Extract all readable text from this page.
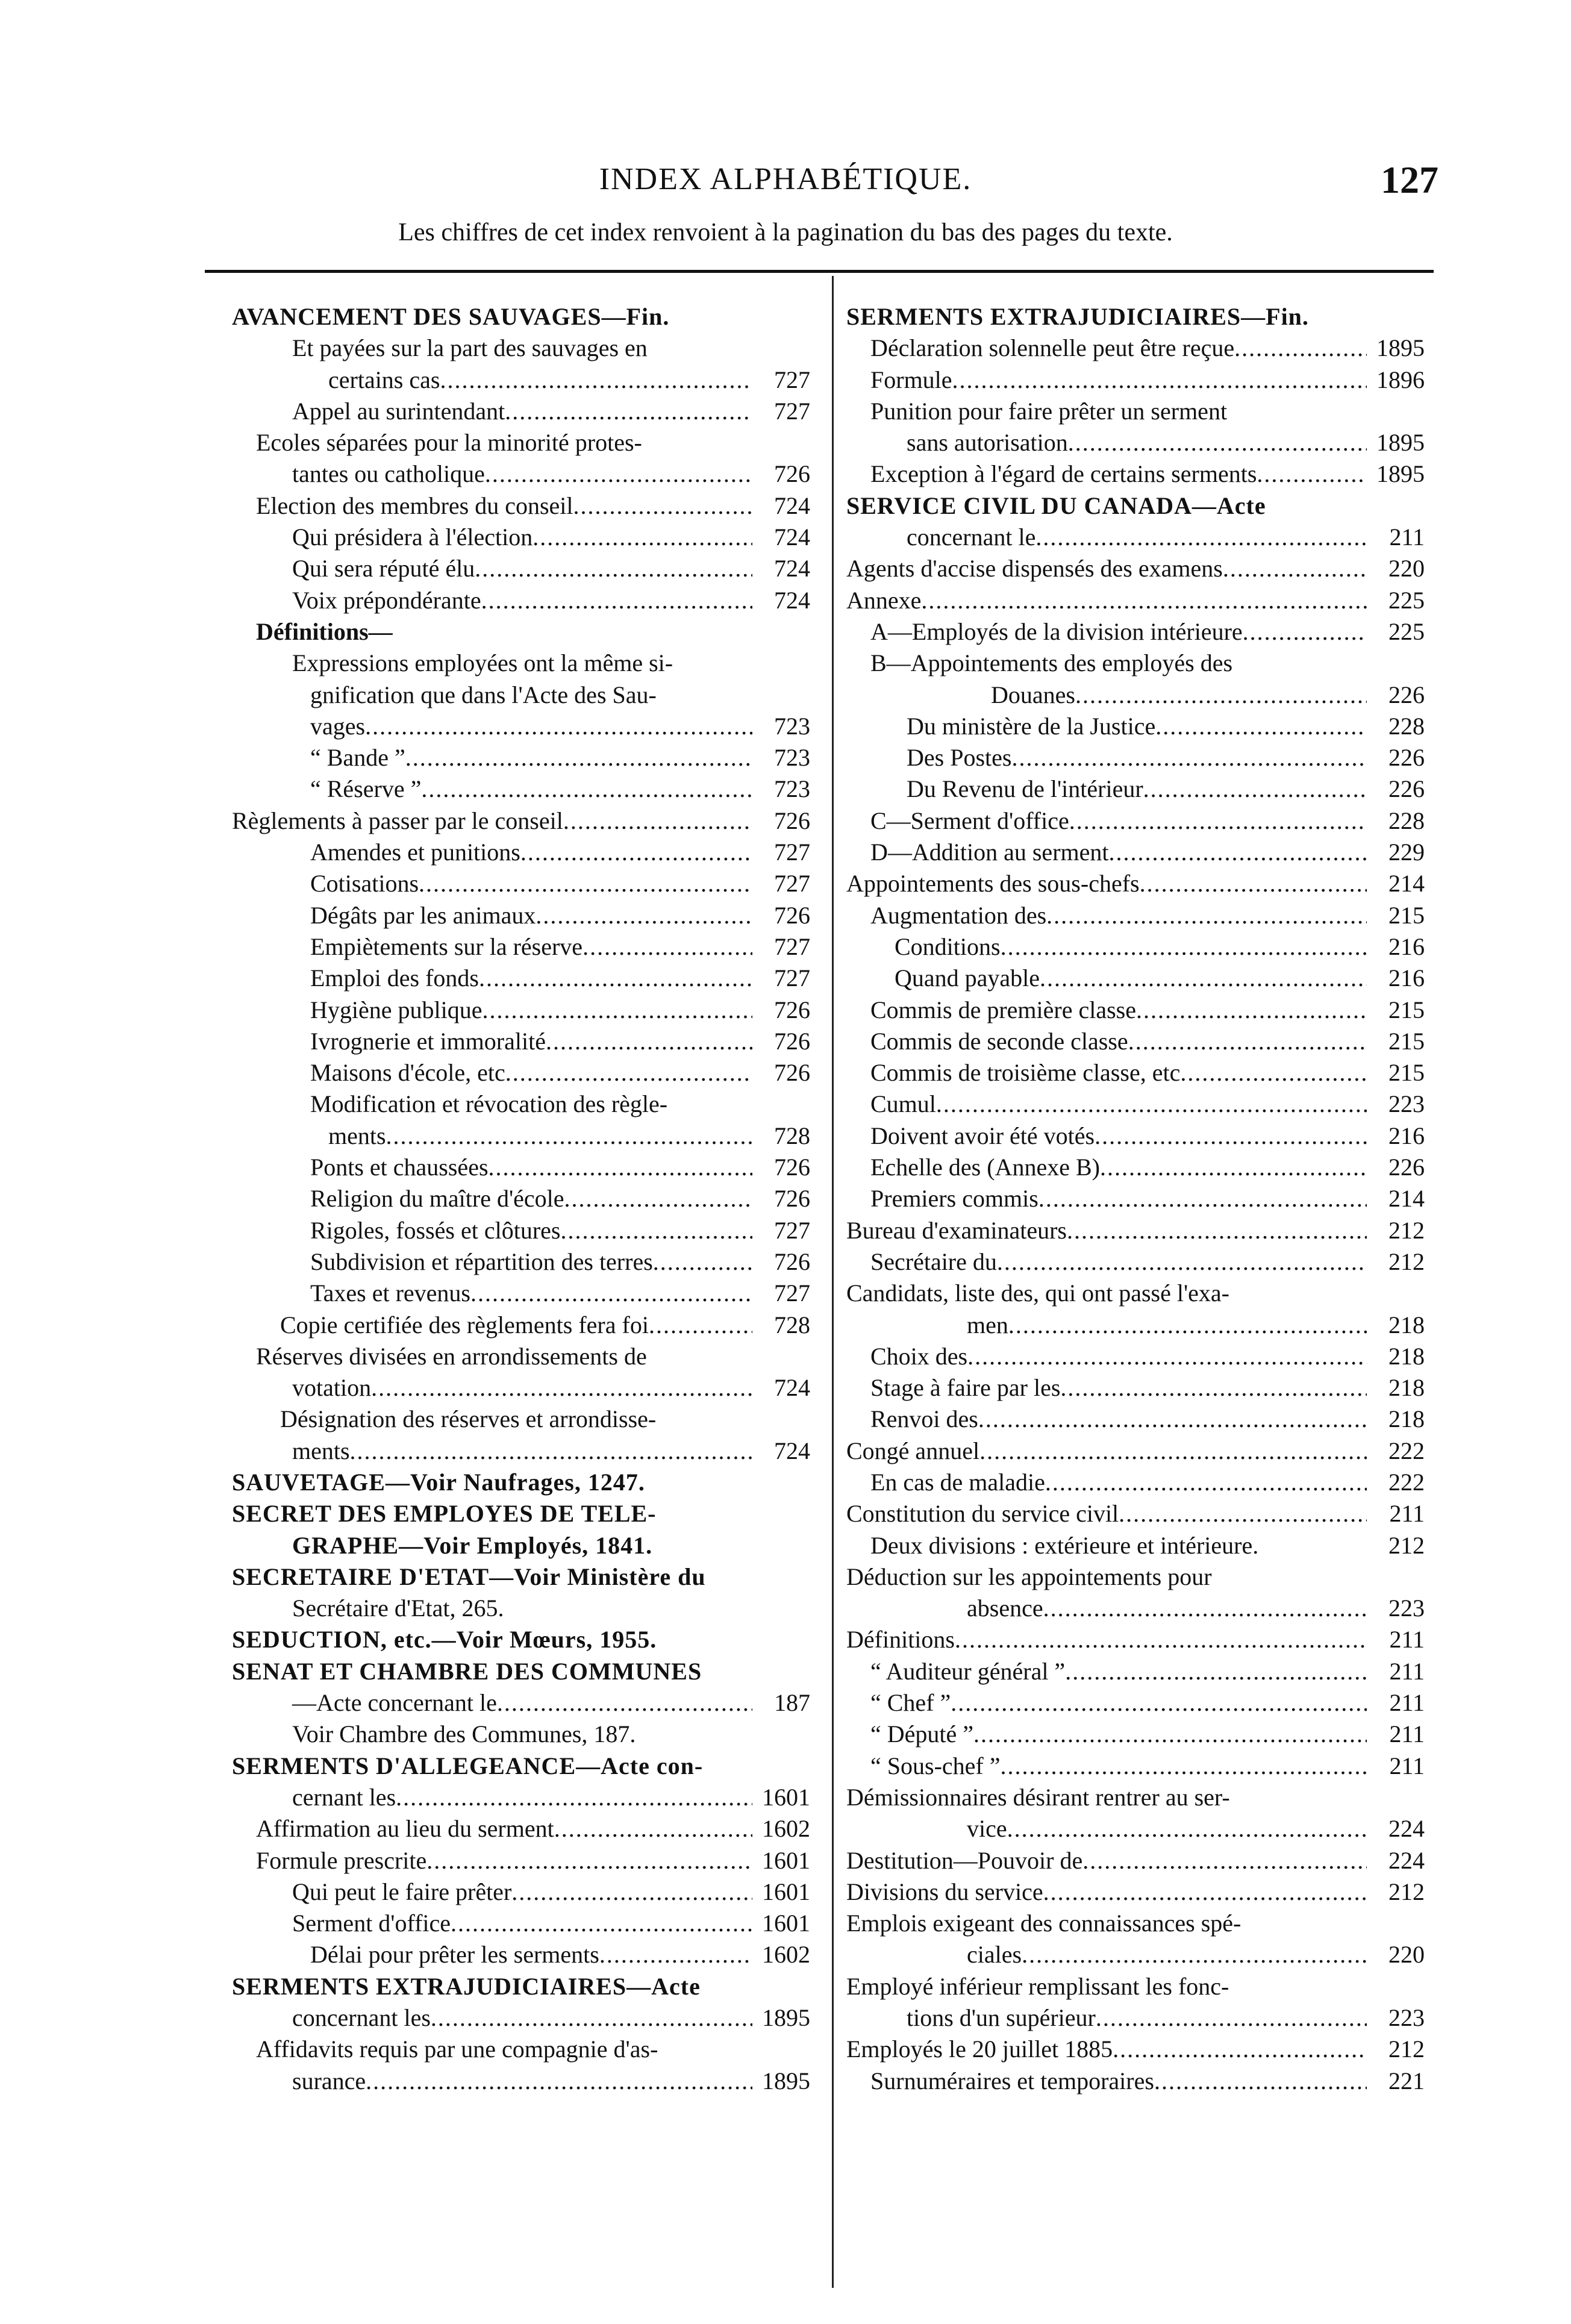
INDEX ALPHABÉTIQUE.	127
Les chiffres de cet index renvoient à la pagination du bas des pages du texte.
AVANCEMENT DES SAUVAGES—Fin.
Et payées sur la part des sauvages en
certains cas .....	727
Appel au surintendant .....	727
Ecoles séparées pour la minorité protes-
tantes ou catholique .....	726
Election des membres du conseil .....	724
Qui présidera à l'élection .....	724
Qui sera réputé élu .....	724
Voix prépondérante .....	724
Définitions—
Expressions employées ont la même si-
gnification que dans l'Acte des Sau-
vages .....	723
“ Bande ” .....	723
“ Réserve ” .....	723
Règlements à passer par le conseil .....	726
Amendes et punitions .....	727
Cotisations .....	727
Dégâts par les animaux .....	726
Empiètements sur la réserve .....	727
Emploi des fonds .....	727
Hygiène publique .....	726
Ivrognerie et immoralité .....	726
Maisons d'école, etc .....	726
Modification et révocation des règle-
ments .....	728
Ponts et chaussées .....	726
Religion du maître d'école .....	726
Rigoles, fossés et clôtures .....	727
Subdivision et répartition des terres .....	726
Taxes et revenus .....	727
Copie certifiée des règlements fera foi .....	728
Réserves divisées en arrondissements de
votation .....	724
Désignation des réserves et arrondisse-
ments .....	724
SAUVETAGE—Voir Naufrages, 1247.
SECRET DES EMPLOYES DE TELE-
GRAPHE—Voir Employés, 1841.
SECRETAIRE D'ETAT—Voir Ministère du
Secrétaire d'Etat, 265.
SEDUCTION, etc.—Voir Mœurs, 1955.
SENAT ET CHAMBRE DES COMMUNES
—Acte concernant le .....	187
Voir Chambre des Communes, 187.
SERMENTS D'ALLEGEANCE—Acte con-
cernant les .....	1601
Affirmation au lieu du serment .....	1602
Formule prescrite .....	1601
Qui peut le faire prêter .....	1601
Serment d'office .....	1601
Délai pour prêter les serments .....	1602
SERMENTS EXTRAJUDICIAIRES—Acte
concernant les .....	1895
Affidavits requis par une compagnie d'as-
surance .....	1895
SERMENTS EXTRAJUDICIAIRES—Fin.
Déclaration solennelle peut être reçue .....	1895
Formule .....	1896
Punition pour faire prêter un serment
sans autorisation .....	1895
Exception à l'égard de certains serments .....	1895
SERVICE CIVIL DU CANADA—Acte
concernant le .....	211
Agents d'accise dispensés des examens .....	220
Annexe .....	225
A—Employés de la division intérieure .....	225
B—Appointements des employés des
Douanes .....	226
Du ministère de la Justice .....	228
Des Postes .....	226
Du Revenu de l'intérieur .....	226
C—Serment d'office .....	228
D—Addition au serment .....	229
Appointements des sous-chefs .....	214
Augmentation des .....	215
Conditions .....	216
Quand payable .....	216
Commis de première classe .....	215
Commis de seconde classe .....	215
Commis de troisième classe, etc .....	215
Cumul .....	223
Doivent avoir été votés .....	216
Echelle des (Annexe B) .....	226
Premiers commis .....	214
Bureau d'examinateurs .....	212
Secrétaire du .....	212
Candidats, liste des, qui ont passé l'exa-
men .....	218
Choix des .....	218
Stage à faire par les .....	218
Renvoi des .....	218
Congé annuel .....	222
En cas de maladie .....	222
Constitution du service civil .....	211
Deux divisions : extérieure et intérieure.	212
Déduction sur les appointements pour
absence .....	223
Définitions .....	211
“ Auditeur général ” .....	211
“ Chef ” .....	211
“ Député ” .....	211
“ Sous-chef ” .....	211
Démissionnaires désirant rentrer au ser-
vice .....	224
Destitution—Pouvoir de .....	224
Divisions du service .....	212
Emplois exigeant des connaissances spé-
ciales .....	220
Employé inférieur remplissant les fonc-
tions d'un supérieur .....	223
Employés le 20 juillet 1885 .....	212
Surnuméraires et temporaires .....	221
